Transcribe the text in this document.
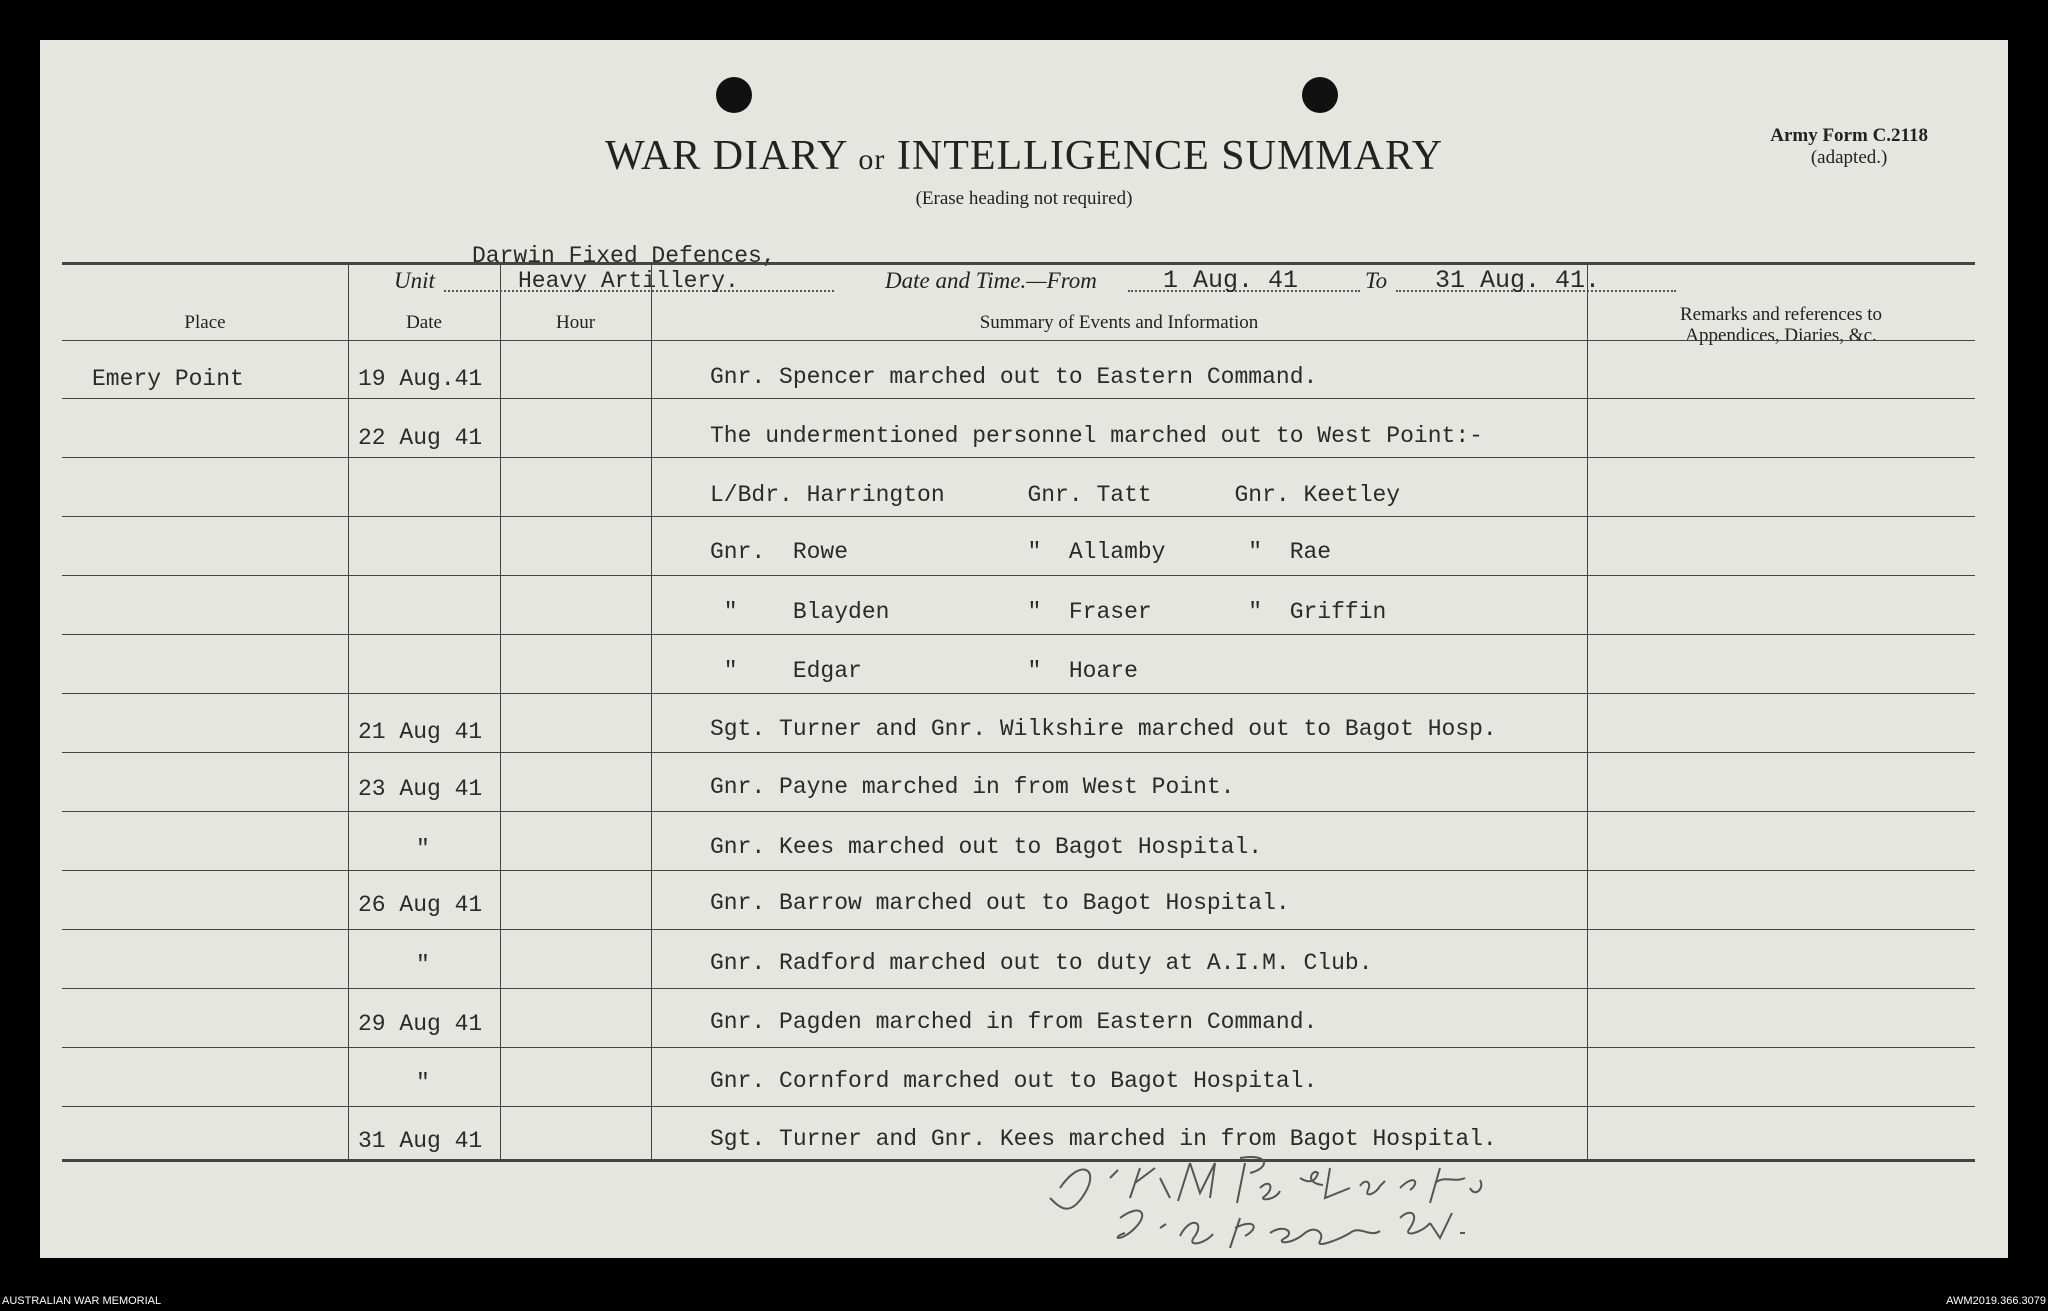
WAR DIARY or INTELLIGENCE SUMMARY
(Erase heading not required)
Army Form C.2118
(adapted.)
Unit
Darwin Fixed Defences,
Heavy Artillery.	Date and Time.—From	1 Aug. 41	To 31 Aug. 41.
Place	Date	Hour	Summary of Events and Information	Remarks and references to
Appendices, Diaries, &c.
Emery Point	19 Aug.41	Gnr. Spencer marched out to Eastern Command.
22 Aug 41	The undermentioned personnel marched out to West Point:-
L/Bdr. Harrington      Gnr. Tatt      Gnr. Keetley
Gnr.  Rowe             "  Allamby      "  Rae
"    Blayden          "  Fraser       "  Griffin
"    Edgar            "  Hoare
21 Aug 41	Sgt. Turner and Gnr. Wilkshire marched out to Bagot Hosp.
23 Aug 41	Gnr. Payne marched in from West Point.
"	Gnr. Kees marched out to Bagot Hospital.
26 Aug 41	Gnr. Barrow marched out to Bagot Hospital.
"	Gnr. Radford marched out to duty at A.I.M. Club.
29 Aug 41	Gnr. Pagden marched in from Eastern Command.
"	Gnr. Cornford marched out to Bagot Hospital.
31 Aug 41	Sgt. Turner and Gnr. Kees marched in from Bagot Hospital.
AUSTRALIAN WAR MEMORIAL	AWM2019.366.3079
